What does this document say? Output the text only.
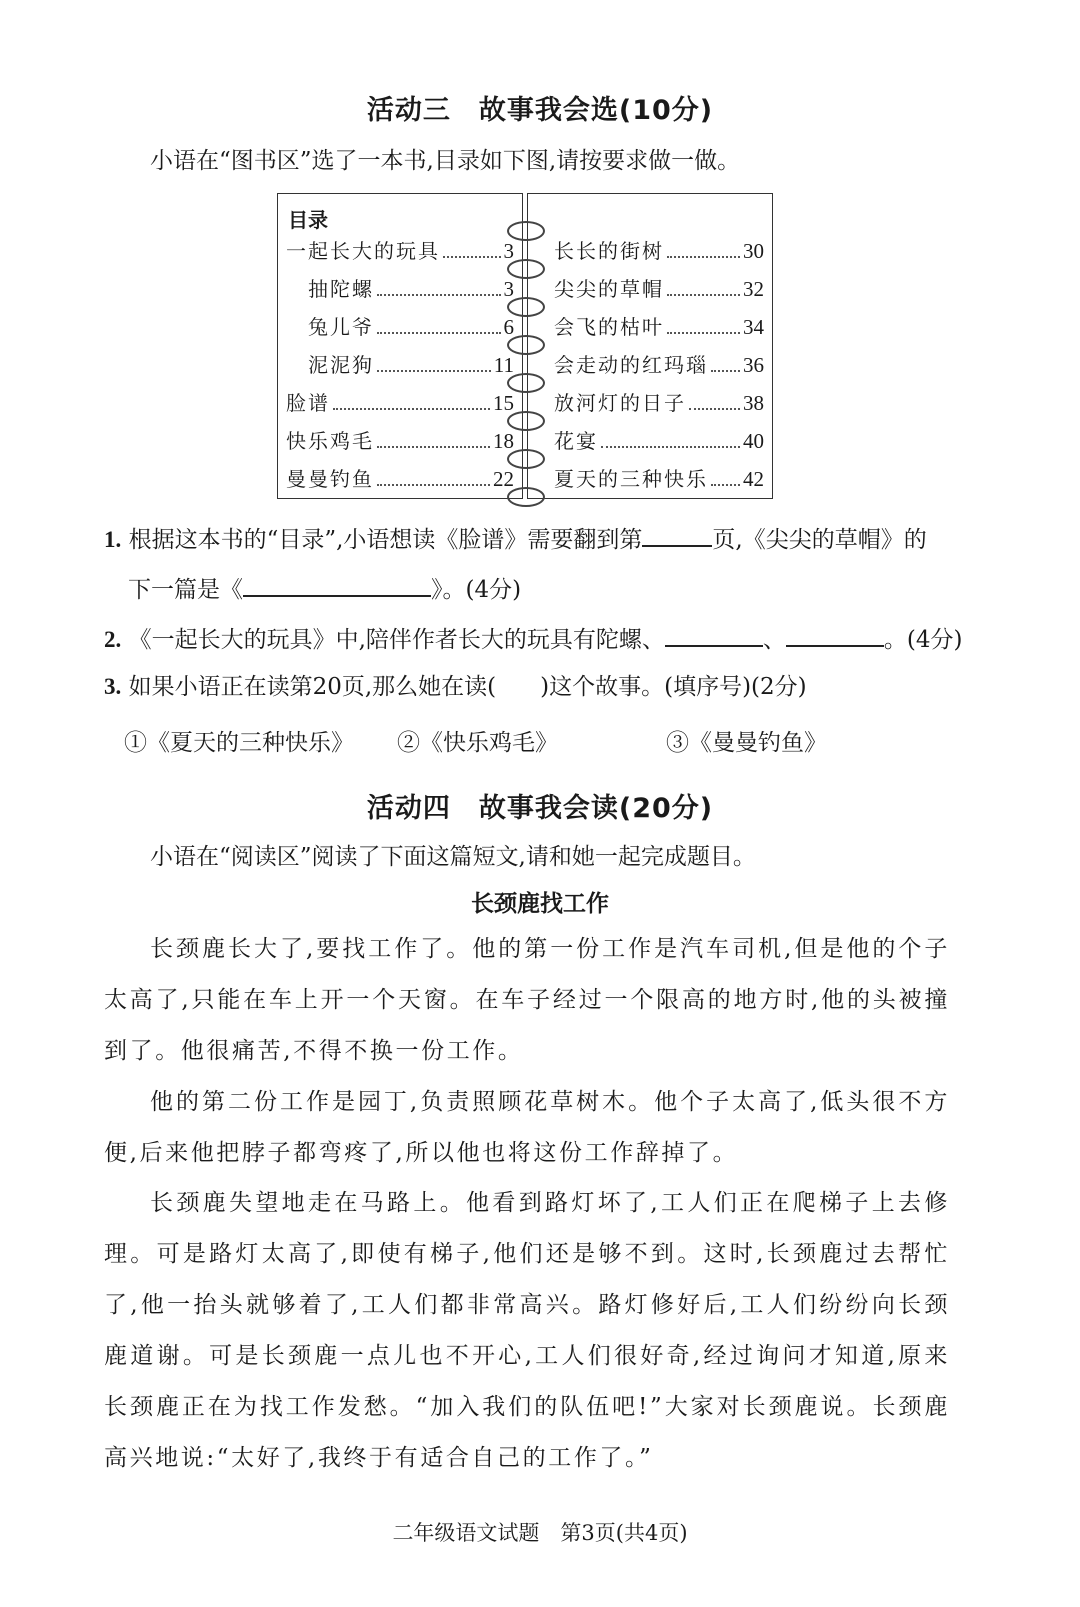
活动三　故事我会选(10分)
小语在“图书区”选了一本书,目录如下图,请按要求做一做。
目录
一起长大的玩具	3
抽陀螺	3
兔儿爷	6
泥泥狗	11
脸谱	15
快乐鸡毛	18
曼曼钓鱼	22
长长的街树	30
尖尖的草帽	32
会飞的枯叶	34
会走动的红玛瑙 36
放河灯的日子	38
花宴	40
夏天的三种快乐 42
1. 根据这本书的“目录”,小语想读《脸谱》需要翻到第	页,《尖尖的草帽》的
下一篇是《	》。(4分)
2. 《一起长大的玩具》中,陪伴作者长大的玩具有陀螺、	、	。(4分)
3. 如果小语正在读第20页,那么她在读( )这个故事。(填序号)(2分)
①《夏天的三种快乐》 ②《快乐鸡毛》	③《曼曼钓鱼》
活动四　故事我会读(20分)
小语在“阅读区”阅读了下面这篇短文,请和她一起完成题目。
长颈鹿找工作
长颈鹿长大了,要找工作了。他的第一份工作是汽车司机,但是他的个子太高了,只能在车上开一个天窗。在车子经过一个限高的地方时,他的头被撞到了。他很痛苦,不得不换一份工作。
他的第二份工作是园丁,负责照顾花草树木。他个子太高了,低头很不方便,后来他把脖子都弯疼了,所以他也将这份工作辞掉了。
长颈鹿失望地走在马路上。他看到路灯坏了,工人们正在爬梯子上去修理。可是路灯太高了,即使有梯子,他们还是够不到。这时,长颈鹿过去帮忙了,他一抬头就够着了,工人们都非常高兴。路灯修好后,工人们纷纷向长颈鹿道谢。可是长颈鹿一点儿也不开心,工人们很好奇,经过询问才知道,原来长颈鹿正在为找工作发愁。“加入我们的队伍吧!”大家对长颈鹿说。长颈鹿高兴地说:“太好了,我终于有适合自己的工作了。”
二年级语文试题　第3页(共4页)
